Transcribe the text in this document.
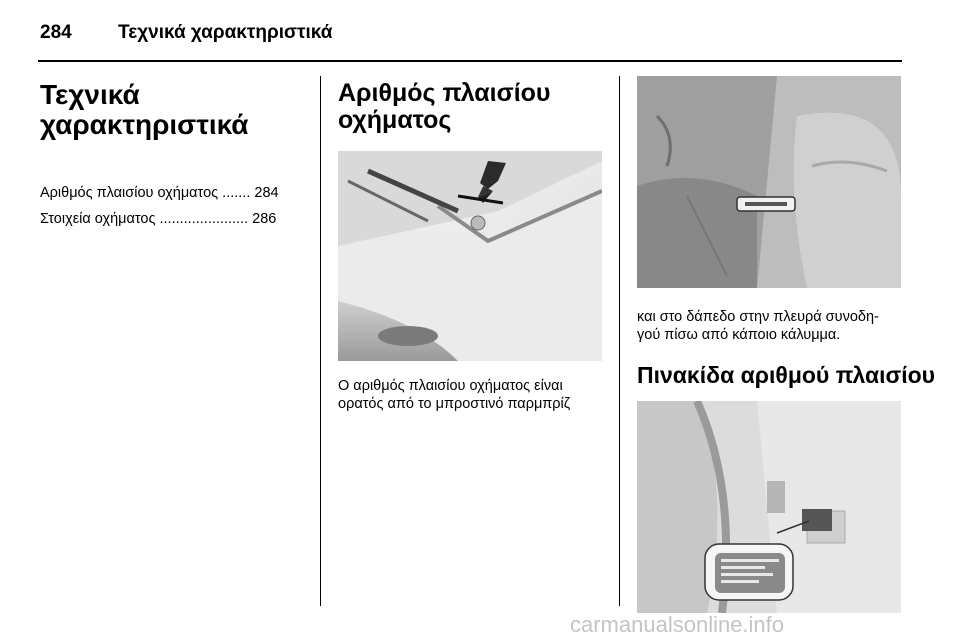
284 Τεχνικά χαρακτηριστικά
Τεχνικά
χαρακτηριστικά
Αριθμός πλαισίου οχήματος ....... 284
Στοιχεία οχήματος ...................... 286
Αριθμός πλαισίου
οχήματος

Ο αριθμός πλαισίου οχήματος είναι
ορατός από το μπροστινό παρμπρίζ

και στο δάπεδο στην πλευρά συνοδη-
γού πίσω από κάποιο κάλυμμα.

Πινακίδα αριθμού πλαισίου
carmanualsonline.info
